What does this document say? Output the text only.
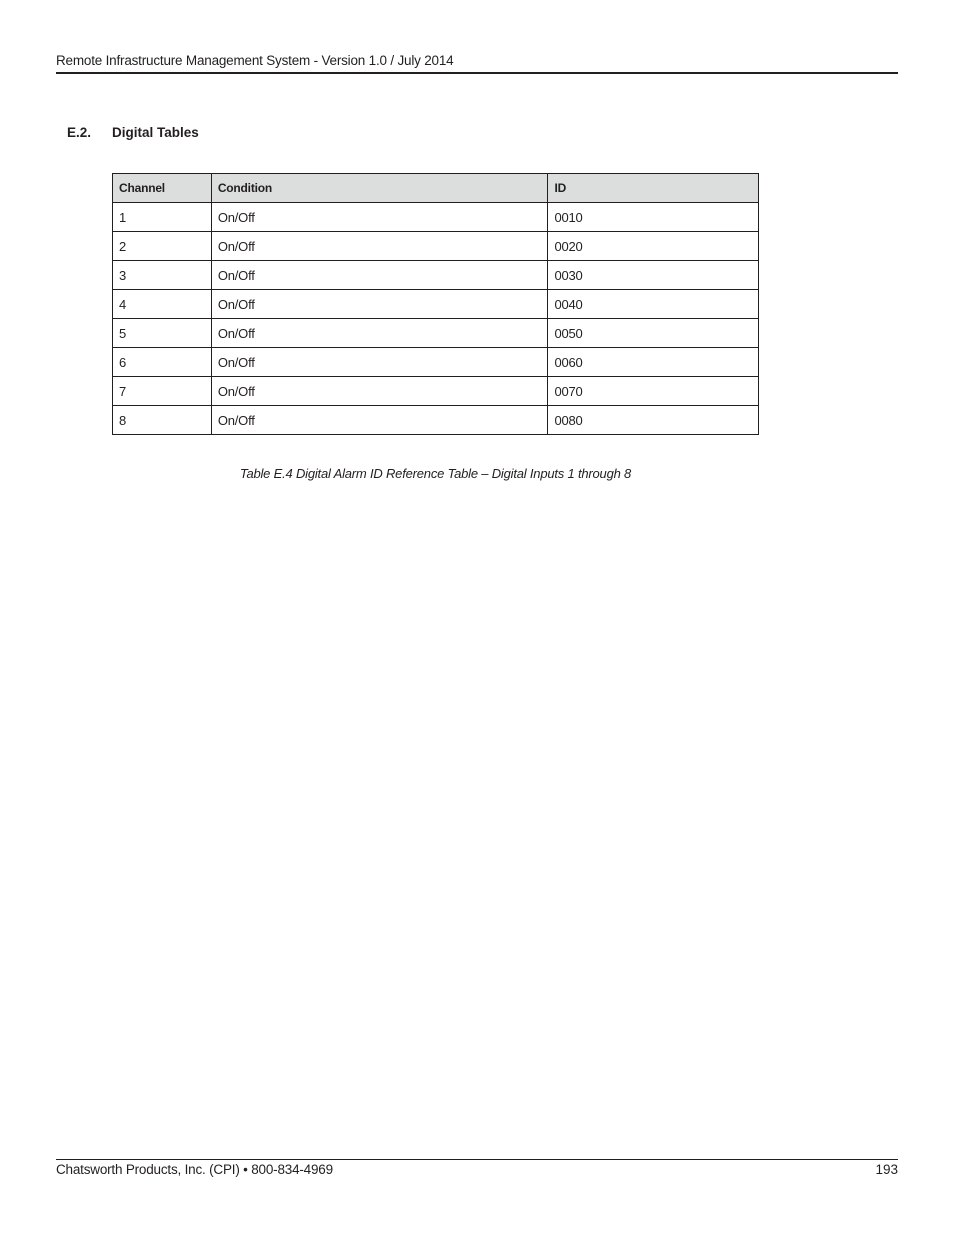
Remote Infrastructure Management System - Version 1.0 / July 2014
E.2. Digital Tables
Channel	Condition	ID
1	On/Off	0010
2	On/Off	0020
3	On/Off	0030
4	On/Off	0040
5	On/Off	0050
6	On/Off	0060
7	On/Off	0070
8	On/Off	0080
Table E.4 Digital Alarm ID Reference Table – Digital Inputs 1 through 8
Chatsworth Products, Inc. (CPI) • 800-834-4969	193
